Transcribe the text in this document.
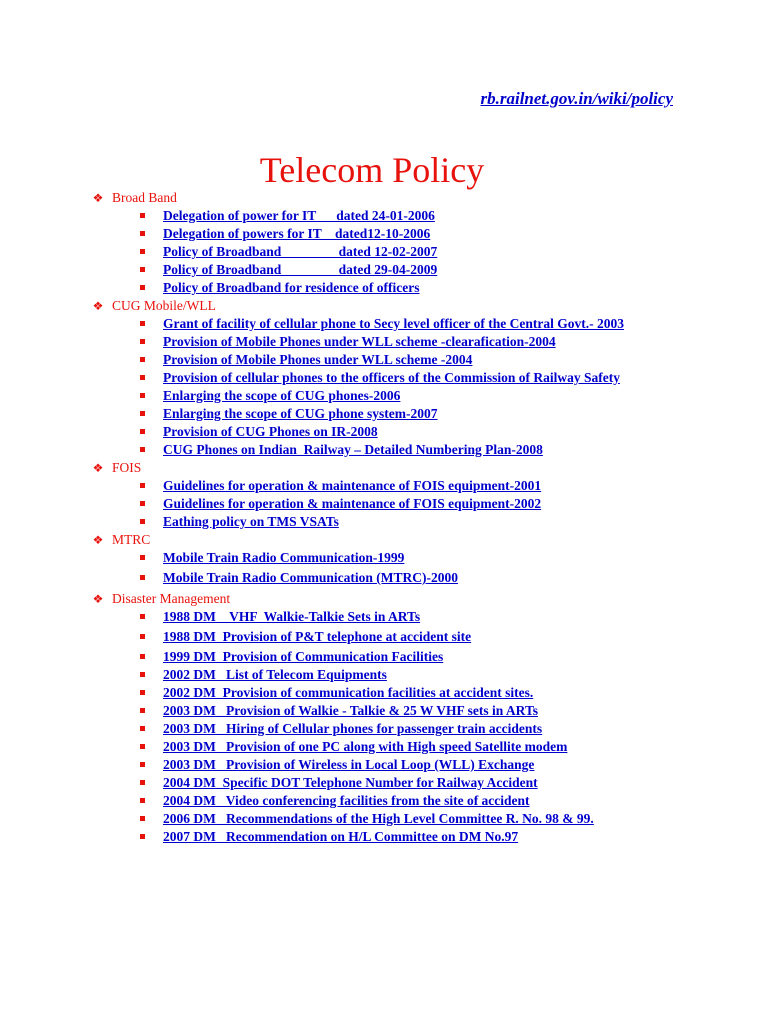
rb.railnet.gov.in/wiki/policy
Telecom Policy
❖ Broad Band
Delegation of power for IT      dated 24-01-2006
Delegation of powers for IT    dated12-10-2006
Policy of Broadband                 dated 12-02-2007
Policy of Broadband                 dated 29-04-2009
Policy of Broadband for residence of officers
❖ CUG Mobile/WLL
Grant of facility of cellular phone to Secy level officer of the Central Govt.- 2003
Provision of Mobile Phones under WLL scheme -clearafication-2004
Provision of Mobile Phones under WLL scheme -2004
Provision of cellular phones to the officers of the Commission of Railway Safety
Enlarging the scope of CUG phones-2006
Enlarging the scope of CUG phone system-2007
Provision of CUG Phones on IR-2008
CUG Phones on Indian  Railway – Detailed Numbering Plan-2008
❖ FOIS
Guidelines for operation & maintenance of FOIS equipment-2001
Guidelines for operation & maintenance of FOIS equipment-2002
Eathing policy on TMS VSATs
❖ MTRC
Mobile Train Radio Communication-1999
Mobile Train Radio Communication (MTRC)-2000
❖ Disaster Management
1988 DM    VHF  Walkie-Talkie Sets in ARTs
1988 DM  Provision of P&T telephone at accident site
1999 DM  Provision of Communication Facilities
2002 DM   List of Telecom Equipments
2002 DM  Provision of communication facilities at accident sites.
2003 DM   Provision of Walkie - Talkie & 25 W VHF sets in ARTs
2003 DM   Hiring of Cellular phones for passenger train accidents
2003 DM   Provision of one PC along with High speed Satellite modem
2003 DM   Provision of Wireless in Local Loop (WLL) Exchange
2004 DM  Specific DOT Telephone Number for Railway Accident
2004 DM   Video conferencing facilities from the site of accident
2006 DM   Recommendations of the High Level Committee R. No. 98 & 99.
2007 DM   Recommendation on H/L Committee on DM No.97
